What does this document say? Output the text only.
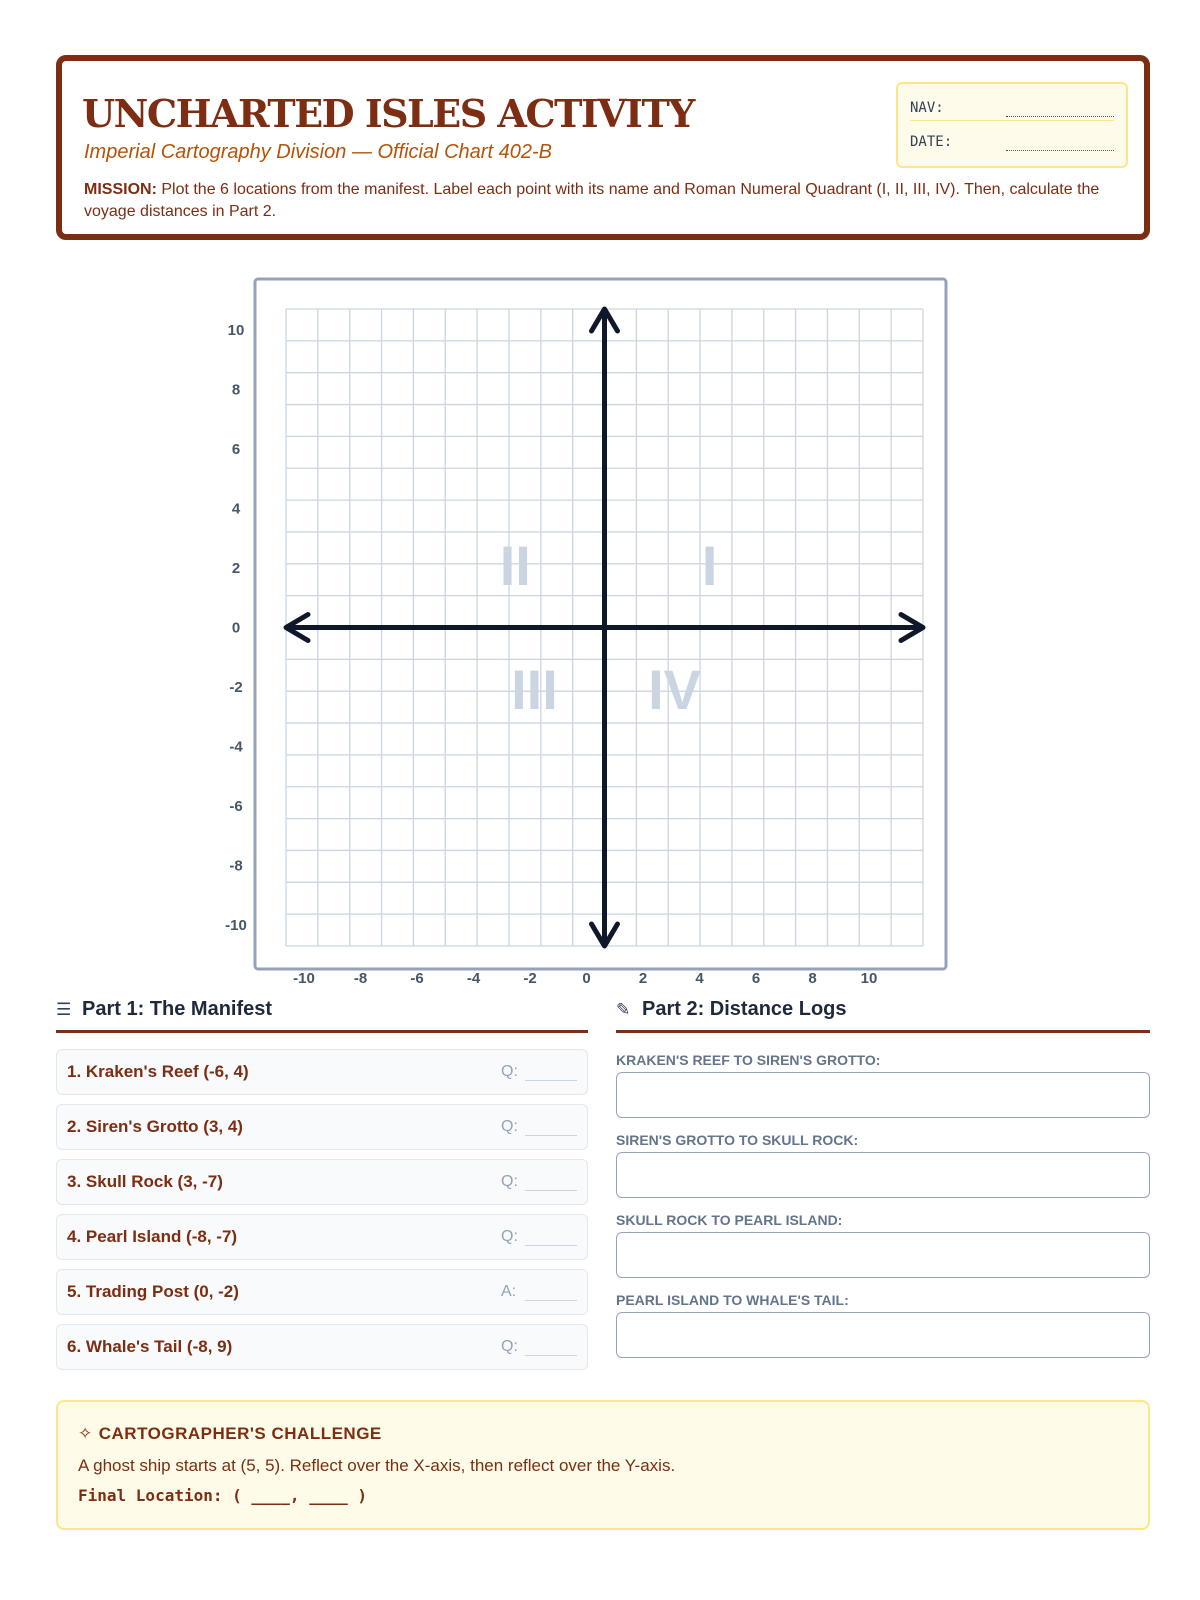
UNCHARTED ISLES ACTIVITY
Imperial Cartography Division — Official Chart 402-B
MISSION: Plot the 6 locations from the manifest. Label each point with its name and Roman Numeral Quadrant (I, II, III, IV). Then, calculate the voyage distances in Part 2.
NAV:
DATE:
I
II
III IV
-10	-8	-6	-4	-2	0	2	4	6	8	10
10
8
6
4
2
0
-2
-4
-6
-8
-10
☰ Part 1: The Manifest
1. Kraken's Reef (-6, 4)	Q:
2. Siren's Grotto (3, 4)	Q:
3. Skull Rock (3, -7)	Q:
4. Pearl Island (-8, -7)	Q:
5. Trading Post (0, -2)	A:
6. Whale's Tail (-8, 9)	Q:
✎ Part 2: Distance Logs
KRAKEN'S REEF TO SIREN'S GROTTO:
SIREN'S GROTTO TO SKULL ROCK:
SKULL ROCK TO PEARL ISLAND:
PEARL ISLAND TO WHALE'S TAIL:
✧ CARTOGRAPHER'S CHALLENGE
A ghost ship starts at (5, 5). Reflect over the X-axis, then reflect over the Y-axis.
Final Location: ( ____, ____ )
